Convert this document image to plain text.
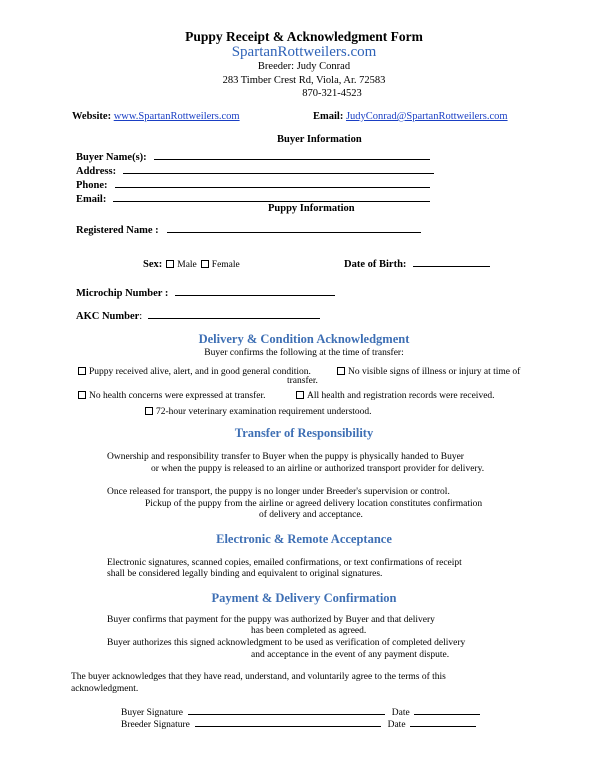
Puppy Receipt & Acknowledgment Form
SpartanRottweilers.com
Breeder: Judy Conrad
283 Timber Crest Rd, Viola, Ar. 72583
870-321-4523
Website: www.SpartanRottweilers.com	Email: JudyConrad@SpartanRottweilers.com
Buyer Information
Buyer Name(s):
Address:
Phone:
Email:
Puppy Information
Registered Name :
Sex: Male Female	Date of Birth:
Microchip Number :
AKC Number:
Delivery & Condition Acknowledgment
Buyer confirms the following at the time of transfer:
Puppy received alive, alert, and in good general condition.	No visible signs of illness or injury at time of
transfer.
No health concerns were expressed at transfer.	All health and registration records were received.
72-hour veterinary examination requirement understood.
Transfer of Responsibility
Ownership and responsibility transfer to Buyer when the puppy is physically handed to Buyer
or when the puppy is released to an airline or authorized transport provider for delivery.
Once released for transport, the puppy is no longer under Breeder's supervision or control.
Pickup of the puppy from the airline or agreed delivery location constitutes confirmation
of delivery and acceptance.
Electronic & Remote Acceptance
Electronic signatures, scanned copies, emailed confirmations, or text confirmations of receipt
shall be considered legally binding and equivalent to original signatures.
Payment & Delivery Confirmation
Buyer confirms that payment for the puppy was authorized by Buyer and that delivery
has been completed as agreed.
Buyer authorizes this signed acknowledgment to be used as verification of completed delivery
and acceptance in the event of any payment dispute.
The buyer acknowledges that they have read, understand, and voluntarily agree to the terms of this
acknowledgment.
Buyer Signature	Date
Breeder Signature	Date
